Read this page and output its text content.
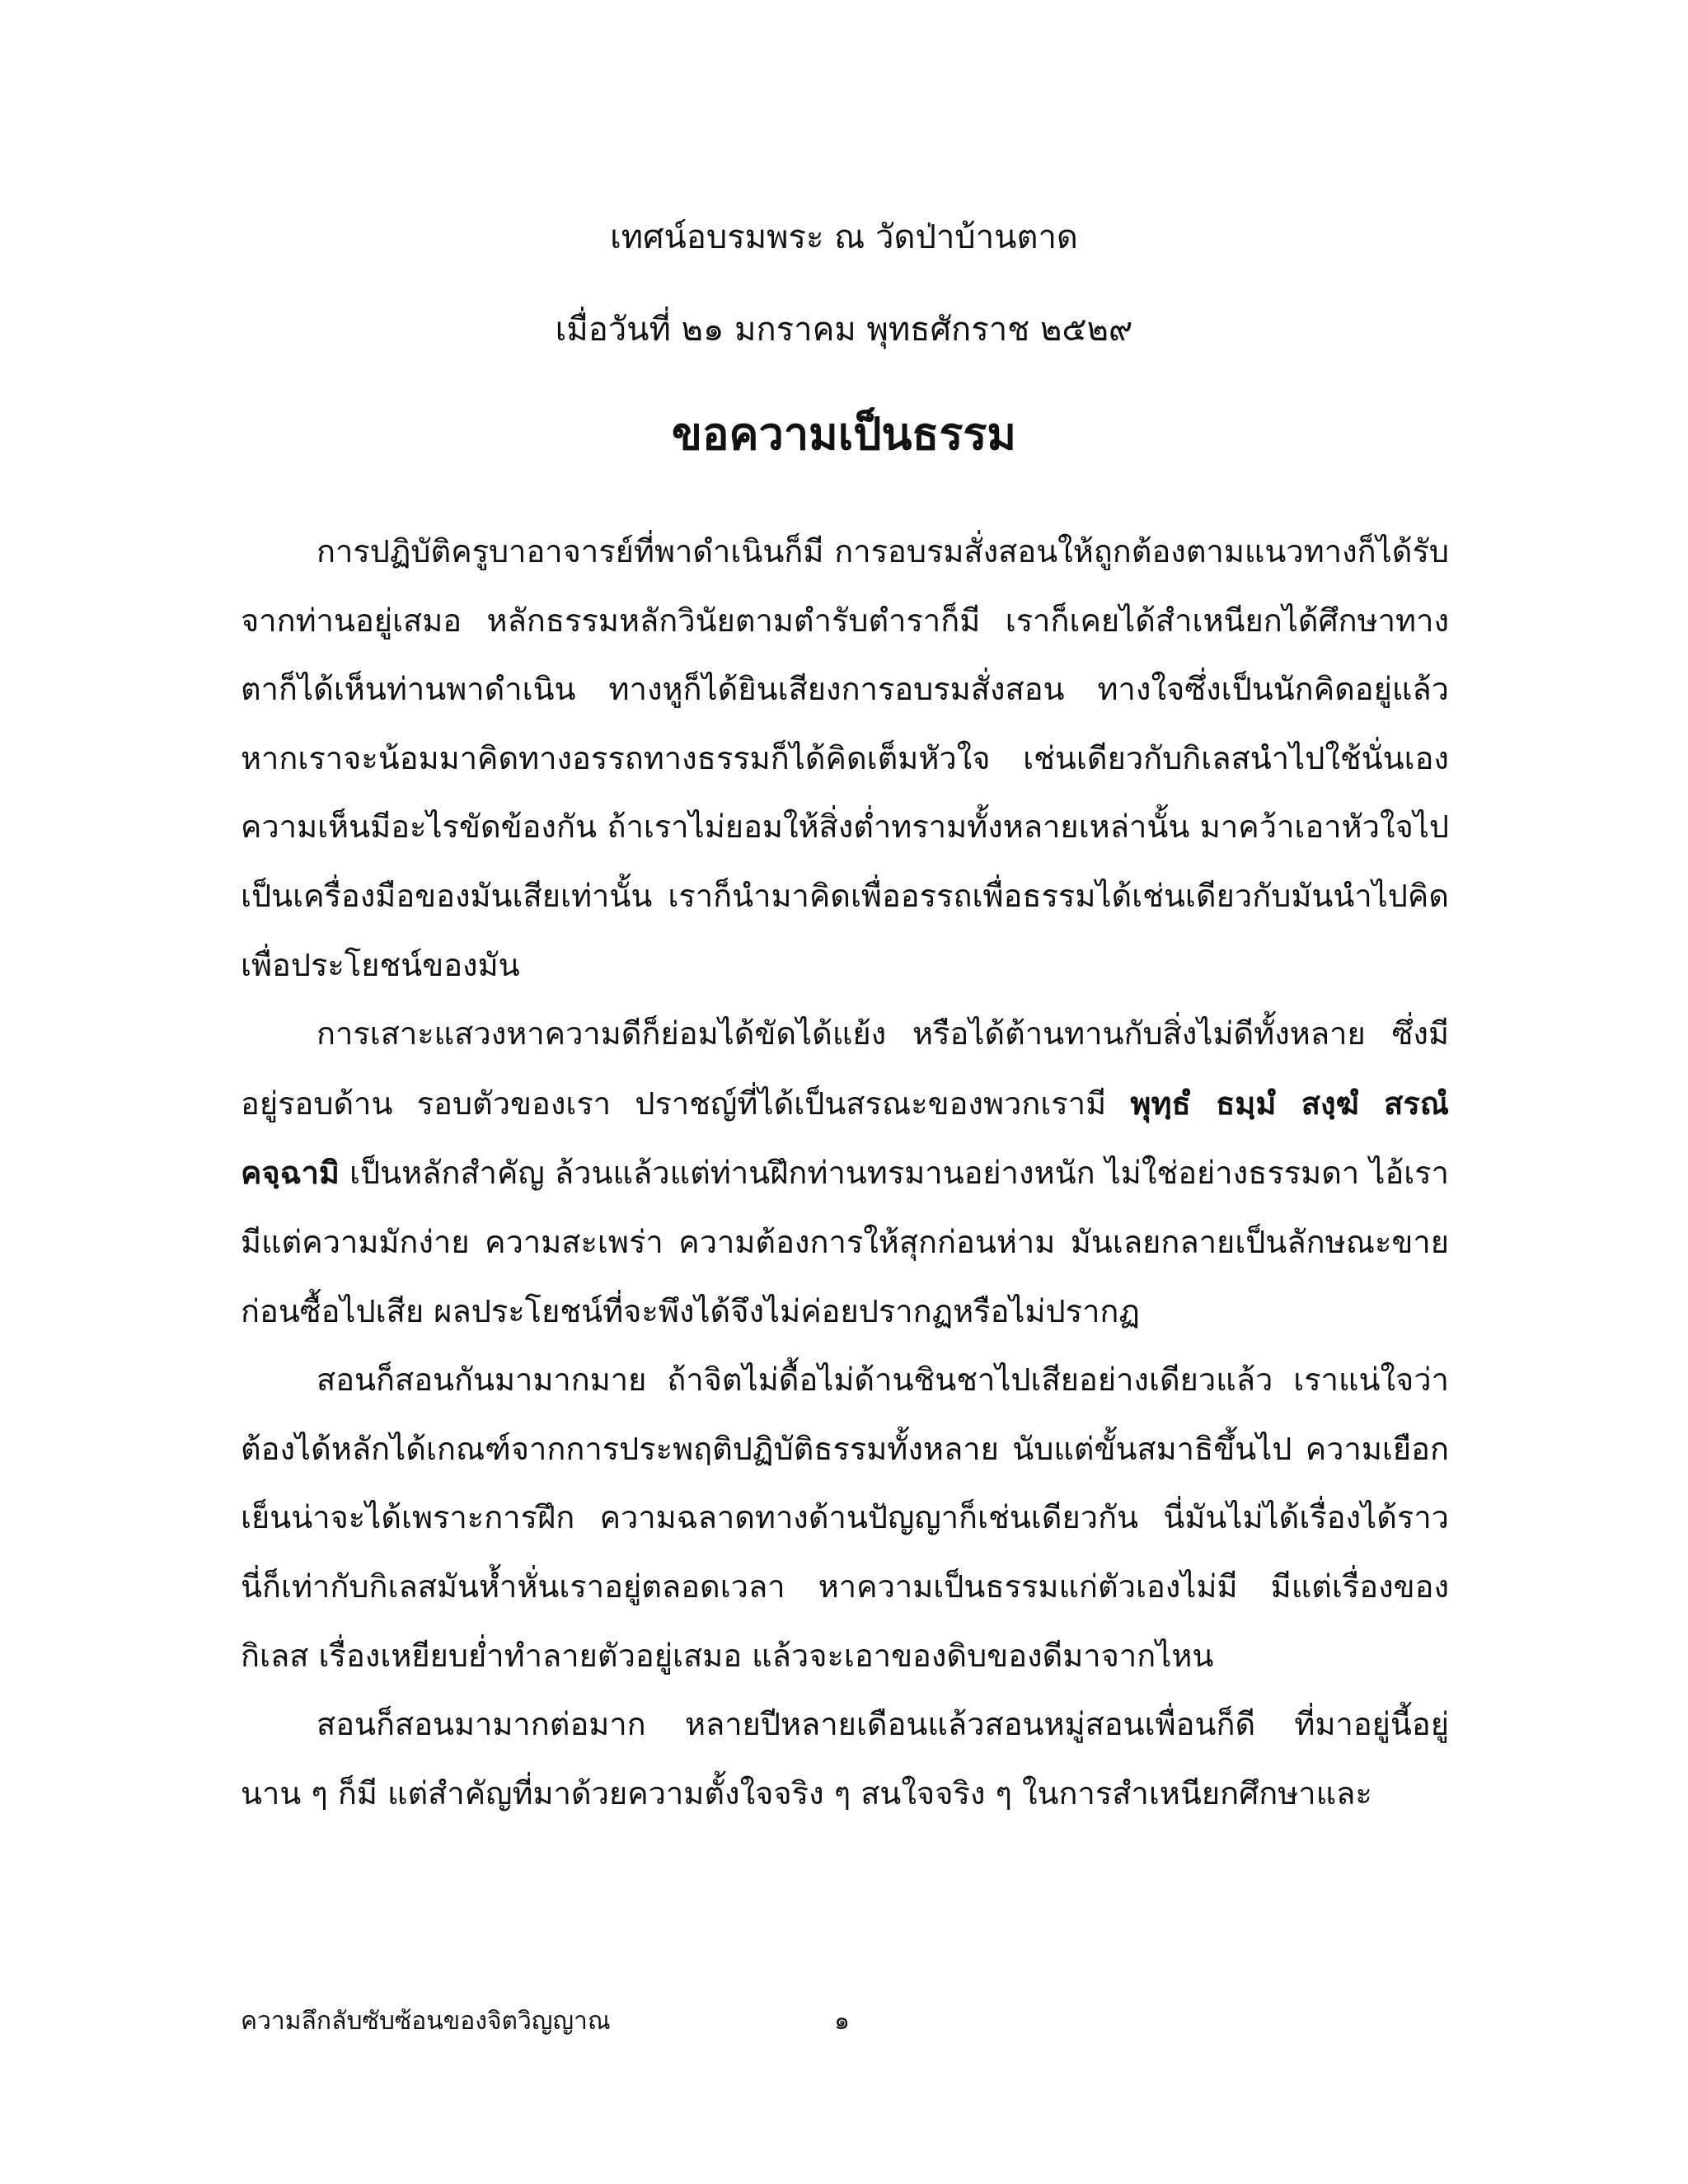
เทศน์อบรมพระ ณ วัดป่าบ้านตาด
เมื่อวันที่ ๒๑ มกราคม พุทธศักราช ๒๕๒๙
ขอความเป็นธรรม

การปฏิบัติครูบาอาจารย์ที่พาดำเนินก็มี การอบรมสั่งสอนให้ถูกต้องตามแนวทางก็ได้รับจากท่านอยู่เสมอ หลักธรรมหลักวินัยตามตำรับตำราก็มี เราก็เคยได้สำเหนียกได้ศึกษาทางตาก็ได้เห็นท่านพาดำเนิน ทางหูก็ได้ยินเสียงการอบรมสั่งสอน ทางใจซึ่งเป็นนักคิดอยู่แล้ว หากเราจะน้อมมาคิดทางอรรถทางธรรมก็ได้คิดเต็มหัวใจ เช่นเดียวกับกิเลสนำไปใช้นั่นเอง ความเห็นมีอะไรขัดข้องกัน ถ้าเราไม่ยอมให้สิ่งต่ำทรามทั้งหลายเหล่านั้น มาคว้าเอาหัวใจไปเป็นเครื่องมือของมันเสียเท่านั้น เราก็นำมาคิดเพื่ออรรถเพื่อธรรมได้เช่นเดียวกับมันนำไปคิดเพื่อประโยชน์ของมัน

การเสาะแสวงหาความดีก็ย่อมได้ขัดได้แย้ง หรือได้ต้านทานกับสิ่งไม่ดีทั้งหลาย ซึ่งมีอยู่รอบด้าน รอบตัวของเรา ปราชญ์ที่ได้เป็นสรณะของพวกเรามี พุทฺธํ ธมฺมํ สงฺฆํ สรณํ คจฺฉามิ เป็นหลักสำคัญ ล้วนแล้วแต่ท่านฝึกท่านทรมานอย่างหนัก ไม่ใช่อย่างธรรมดา ไอ้เรามีแต่ความมักง่าย ความสะเพร่า ความต้องการให้สุกก่อนห่าม มันเลยกลายเป็นลักษณะขายก่อนซื้อไปเสีย ผลประโยชน์ที่จะพึงได้จึงไม่ค่อยปรากฏหรือไม่ปรากฏ

สอนก็สอนกันมามากมาย ถ้าจิตไม่ดื้อไม่ด้านชินชาไปเสียอย่างเดียวแล้ว เราแน่ใจว่าต้องได้หลักได้เกณฑ์จากการประพฤติปฏิบัติธรรมทั้งหลาย นับแต่ขั้นสมาธิขึ้นไป ความเยือกเย็นน่าจะได้เพราะการฝึก ความฉลาดทางด้านปัญญาก็เช่นเดียวกัน นี่มันไม่ได้เรื่องได้ราว นี่ก็เท่ากับกิเลสมันห้ำหั่นเราอยู่ตลอดเวลา หาความเป็นธรรมแก่ตัวเองไม่มี มีแต่เรื่องของกิเลส เรื่องเหยียบย่ำทำลายตัวอยู่เสมอ แล้วจะเอาของดิบของดีมาจากไหน

สอนก็สอนมามากต่อมาก หลายปีหลายเดือนแล้วสอนหมู่สอนเพื่อนก็ดี ที่มาอยู่นี้อยู่นาน ๆ ก็มี แต่สำคัญที่มาด้วยความตั้งใจจริง ๆ สนใจจริง ๆ ในการสำเหนียกศึกษาและ

ความลึกลับซับซ้อนของจิตวิญญาณ	๑
